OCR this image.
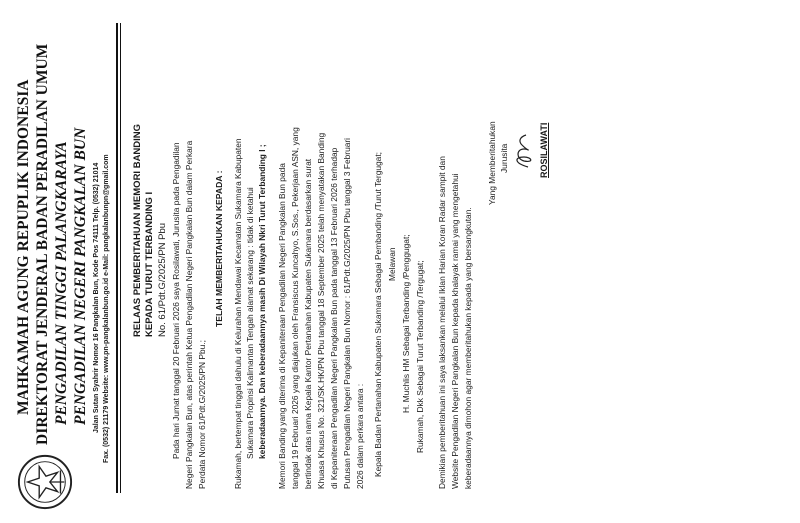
MAHKAMAH AGUNG REPUPLIK INDONESIA DIREKTORAT JENDERAL BADAN PERADILAN UMUM PENGADILAN TINGGI PALANGKARAYA PENGADILAN NEGERI PANGKALAN BUN Jalan Sutan Syahrir Nomor 16 Pangkalan Bun, Kode Pos 74111 Telp. (0532) 21014 Fax. (0532) 21179 Website: www.pn-pangkalanbun.go.id e-Mail: pangkalanbunpn@gmail.com RELAAS PEMBERITAHUAN MEMORI BANDING KEPADA TURUT TERBANDING I No. 61/Pdt.G/2025/PN Pbu Pada hari Jumat tanggal 20 Februari 2026 saya Rosilawati, Jurusita pada Pengadilan Negeri Pangkalan Bun, atas perintah Ketua Pengadilan Negeri Pangkalan Bun dalam Perkara Perdata Nomor 61/Pdt.G/2025/PN Pbu.;
TELAH MEMBERITAHUKAN KEPADA : Rukamah, bertempat tinggal dahulu di Kelurahan Mendawai Kecamatan Sukamara Kabupaten Sukamara Propinsi Kalimantan Tengah alamat sekarang : tidak di ketahui keberadaannya. Dan keberadaannya masih Di Wilayah Nkri Turut Terbanding I ; Memori Banding yang diterima di Kepaniteraan Pengadilan Negeri Pangkalan Bun pada tanggal 19 Februari 2026 yang diajukan oleh Fransiscus Kuncahyo, S.Sos., Pekerjaan ASN, yang bertindak atas nama Kepala Kantor Pertanahan Kabupaten Sukamara berdasarkan surat Khuasa Khusus No. 321/SK.HK/PN Pbu tanggal 18 September 2025 telah menyatakan Banding di Kepaniteraan Pengadilan Negeri Pangkalan Bun pada tanggal 13 Februari 2026 terhadap Putusan Pengadilan Negeri Pangkalan Bun Nomor : 61/Pdt.G/2025/PN Pbu tanggal 3 Februari 2026 dalam perkara antara : Kepala Badan Pertanahan Kabupaten Sukamara Sebagai Pembanding /Turut Tergugat; Melawan H. Muchlis HM Sebagai Terbanding /Penggugat; Rukamah, Dkk Sebagai Turut Terbanding /Tergugat; Demikian pemberitahuan ini saya laksankan melalui Iklan Harian Koran Radar sampit dan Website Pengadilan Negeri Pangkalan Bun kepada khalayak ramai yang mengetahui keberadaannya dimohon agar memberitahukan kepada yang bersangkutan.
Yang Memberitahukan Jurusita	ROSILAWATI
